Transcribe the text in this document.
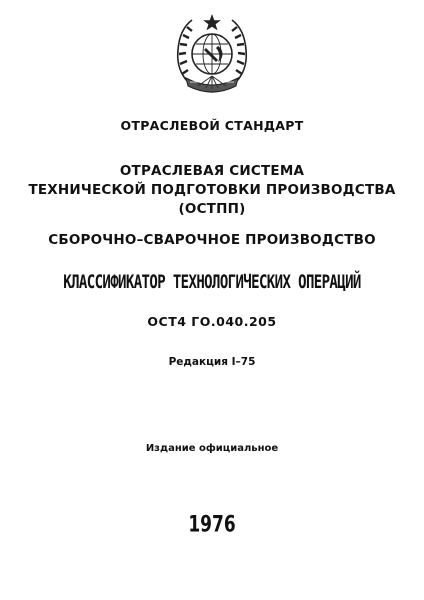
ОТРАСЛЕВОЙ СТАНДАРТ
ОТРАСЛЕВАЯ СИСТЕМА
ТЕХНИЧЕСКОЙ ПОДГОТОВКИ ПРОИЗВОДСТВА
(ОСТПП)
СБОРОЧНО–СВАРОЧНОЕ ПРОИЗВОДСТВО
КЛАССИФИКАТОР ТЕХНОЛОГИЧЕСКИХ ОПЕРАЦИЙ
ОСТ4 ГО.040.205
Редакция I–75
Издание официальное
1976
